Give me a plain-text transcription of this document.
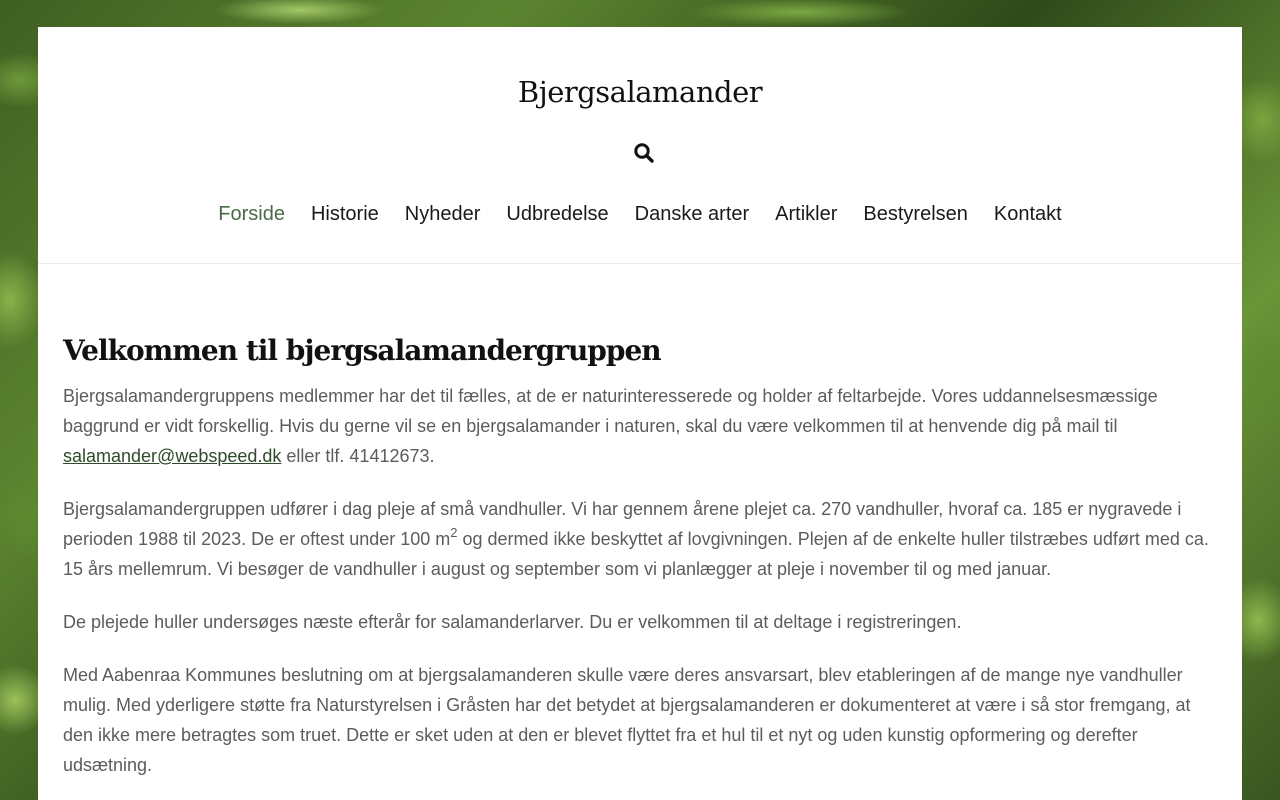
Bjergsalamander
Forside Historie Nyheder Udbredelse Danske arter Artikler Bestyrelsen Kontakt
Velkommen til bjergsalamandergruppen

Bjergsalamandergruppens medlemmer har det til fælles, at de er naturinteresserede og holder af feltarbejde. Vores uddannelsesmæssige baggrund er vidt forskellig. Hvis du gerne vil se en bjergsalamander i naturen, skal du være velkommen til at henvende dig på mail til salamander@webspeed.dk eller tlf. 41412673.

Bjergsalamandergruppen udfører i dag pleje af små vandhuller. Vi har gennem årene plejet ca. 270 vandhuller, hvoraf ca. 185 er nygravede i perioden 1988 til 2023. De er oftest under 100 $m^2$ og dermed ikke beskyttet af lovgivningen. Plejen af de enkelte huller tilstræbes udført med ca. 15 års mellemrum. Vi besøger de vandhuller i august og september som vi planlægger at pleje i november til og med januar.

De plejede huller undersøges næste efterår for salamanderlarver. Du er velkommen til at deltage i registreringen.

Med Aabenraa Kommunes beslutning om at bjergsalamanderen skulle være deres ansvarsart, blev etableringen af de mange nye vandhuller mulig. Med yderligere støtte fra Naturstyrelsen i Gråsten har det betydet at bjergsalamanderen er dokumenteret at være i så stor fremgang, at den ikke mere betragtes som truet. Dette er sket uden at den er blevet flyttet fra et hul til et nyt og uden kunstig opformering og derefter udsætning.
